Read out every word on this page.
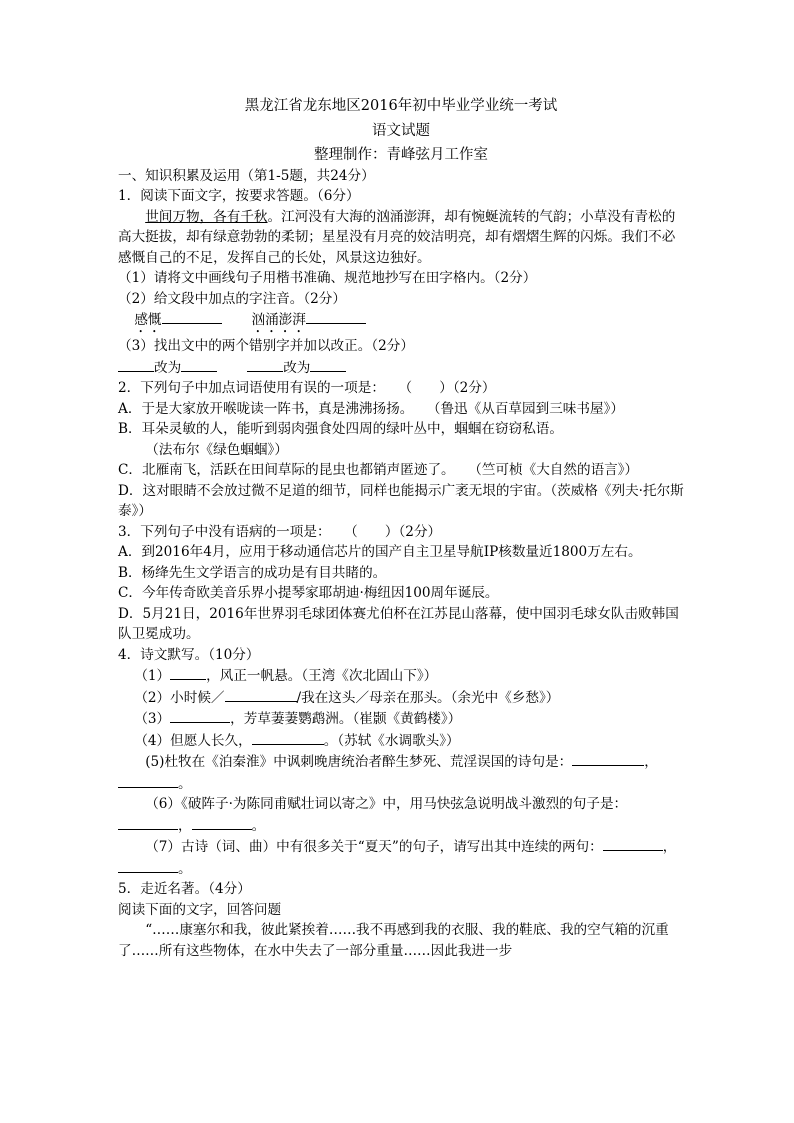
黑龙江省龙东地区2016年初中毕业学业统一考试

语文试题

整理制作：青峰弦月工作室

一、知识积累及运用（第1-5题，共24分）

1．阅读下面文字，按要求答题。（6分）

世间万物，各有千秋。江河没有大海的汹涌澎湃，却有惋蜒流转的气韵；小草没有青松的高大挺拔，却有绿意勃勃的柔韧；星星没有月亮的姣洁明亮，却有熠熠生辉的闪烁。我们不必感慨自己的不足，发挥自己的长处，风景这边独好。

（1）请将文中画线句子用楷书准确、规范地抄写在田字格内。（2分）

（2）给文段中加点的字注音。（2分）

感慨	汹涌澎湃

（3）找出文中的两个错别字并加以改正。（2分）

改为	改为

2．下列句子中加点词语使用有误的一项是：　　（　　）（2分）

A．于是大家放开喉咙读一阵书，真是沸沸扬扬。　　（鲁迅《从百草园到三味书屋》）

B．耳朵灵敏的人，能听到弱肉强食处四周的绿叶丛中，蝈蝈在窃窃私语。

（法布尔《绿色蝈蝈》）

C．北雁南飞，活跃在田间草际的昆虫也都销声匿迹了。　　（竺可桢《大自然的语言》）

D．这对眼睛不会放过微不足道的细节，同样也能揭示广袤无垠的宇宙。（茨威格《列夫·托尔斯泰》）

3．下列句子中没有语病的一项是：　　（　　）（2分）

A．到2016年4月，应用于移动通信芯片的国产自主卫星导航IP核数量近1800万左右。

B．杨绛先生文学语言的成功是有目共睹的。

C．今年传奇欧美音乐界小提琴家耶胡迪·梅纽因100周年诞辰。

D．5月21日，2016年世界羽毛球团体赛尤伯杯在江苏昆山落幕，使中国羽毛球女队击败韩国队卫冕成功。

4．诗文默写。（10分）

（1）	，风正一帆悬。（王湾《次北固山下》）

（2）小时候／	/我在这头／母亲在那头。（余光中《乡愁》）

（3）	，芳草萋萋鹦鹉洲。（崔颢《黄鹤楼》）

（4）但愿人长久，	。（苏轼《水调歌头》）

(5)杜牧在《泊秦淮》中讽刺晚唐统治者醉生梦死、荒淫误国的诗句是：	，。

（6）《破阵子·为陈同甫赋壮词以寄之》中，用马快弦急说明战斗激烈的句子是：，	。

（7）古诗（词、曲）中有很多关于“夏天”的句子，请写出其中连续的两句：	，。

5．走近名著。（4分）

阅读下面的文字，回答问题

“……康塞尔和我，彼此紧挨着……我不再感到我的衣服、我的鞋底、我的空气箱的沉重了……所有这些物体，在水中失去了一部分重量……因此我进一步
